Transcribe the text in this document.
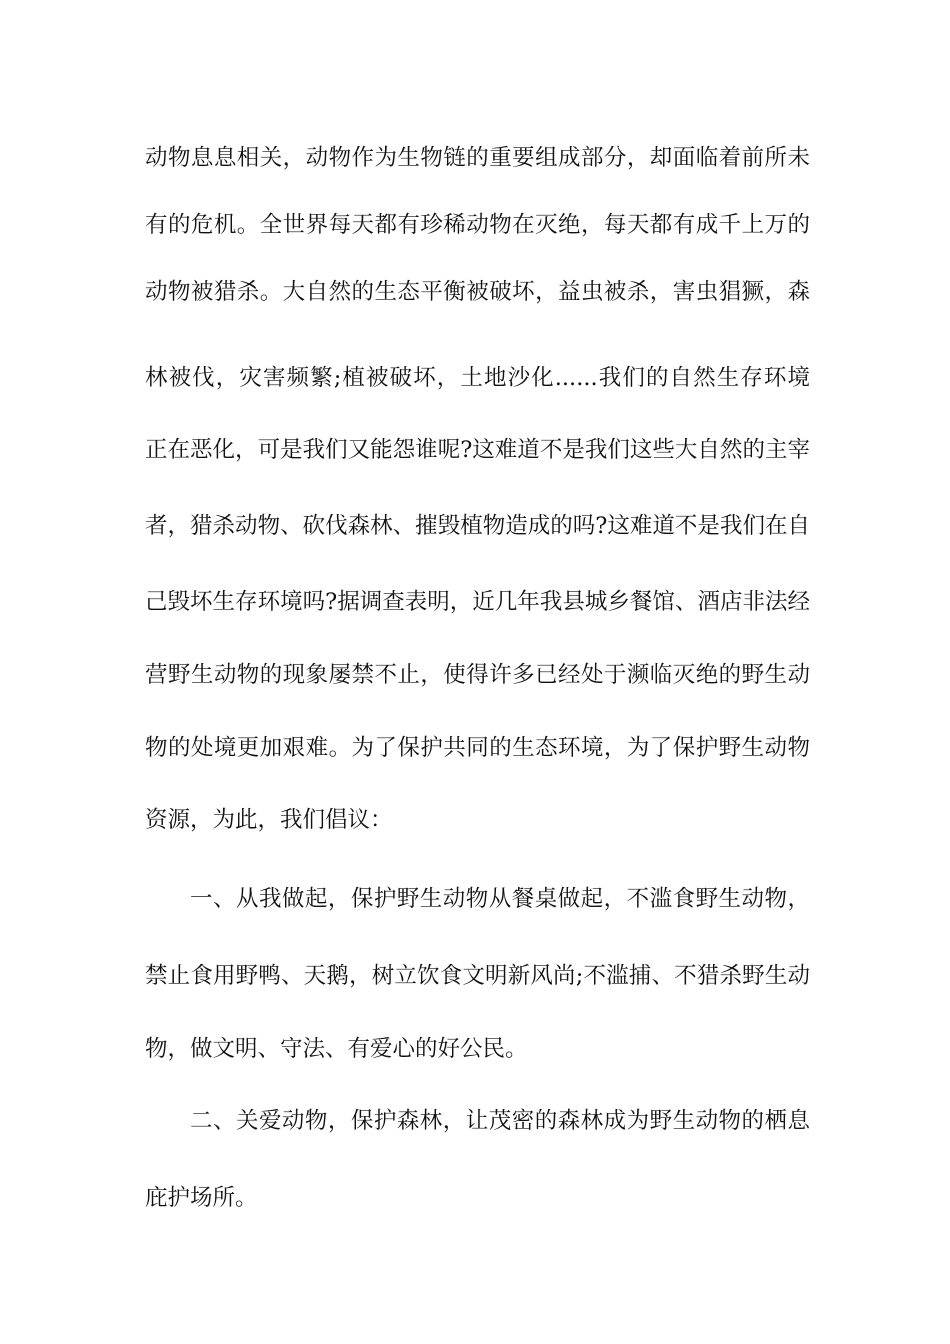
动物息息相关，动物作为生物链的重要组成部分，却面临着前所未
有的危机。全世界每天都有珍稀动物在灭绝，每天都有成千上万的
动物被猎杀。大自然的生态平衡被破坏，益虫被杀，害虫猖獗，森
林被伐，灾害频繁;植被破坏，土地沙化......我们的自然生存环境
正在恶化，可是我们又能怨谁呢?这难道不是我们这些大自然的主宰
者，猎杀动物、砍伐森林、摧毁植物造成的吗?这难道不是我们在自
己毁坏生存环境吗?据调查表明，近几年我县城乡餐馆、酒店非法经
营野生动物的现象屡禁不止，使得许多已经处于濒临灭绝的野生动
物的处境更加艰难。为了保护共同的生态环境，为了保护野生动物
资源，为此，我们倡议：
一、从我做起，保护野生动物从餐桌做起，不滥食野生动物，
禁止食用野鸭、天鹅，树立饮食文明新风尚;不滥捕、不猎杀野生动
物，做文明、守法、有爱心的好公民。
二、关爱动物，保护森林，让茂密的森林成为野生动物的栖息
庇护场所。
